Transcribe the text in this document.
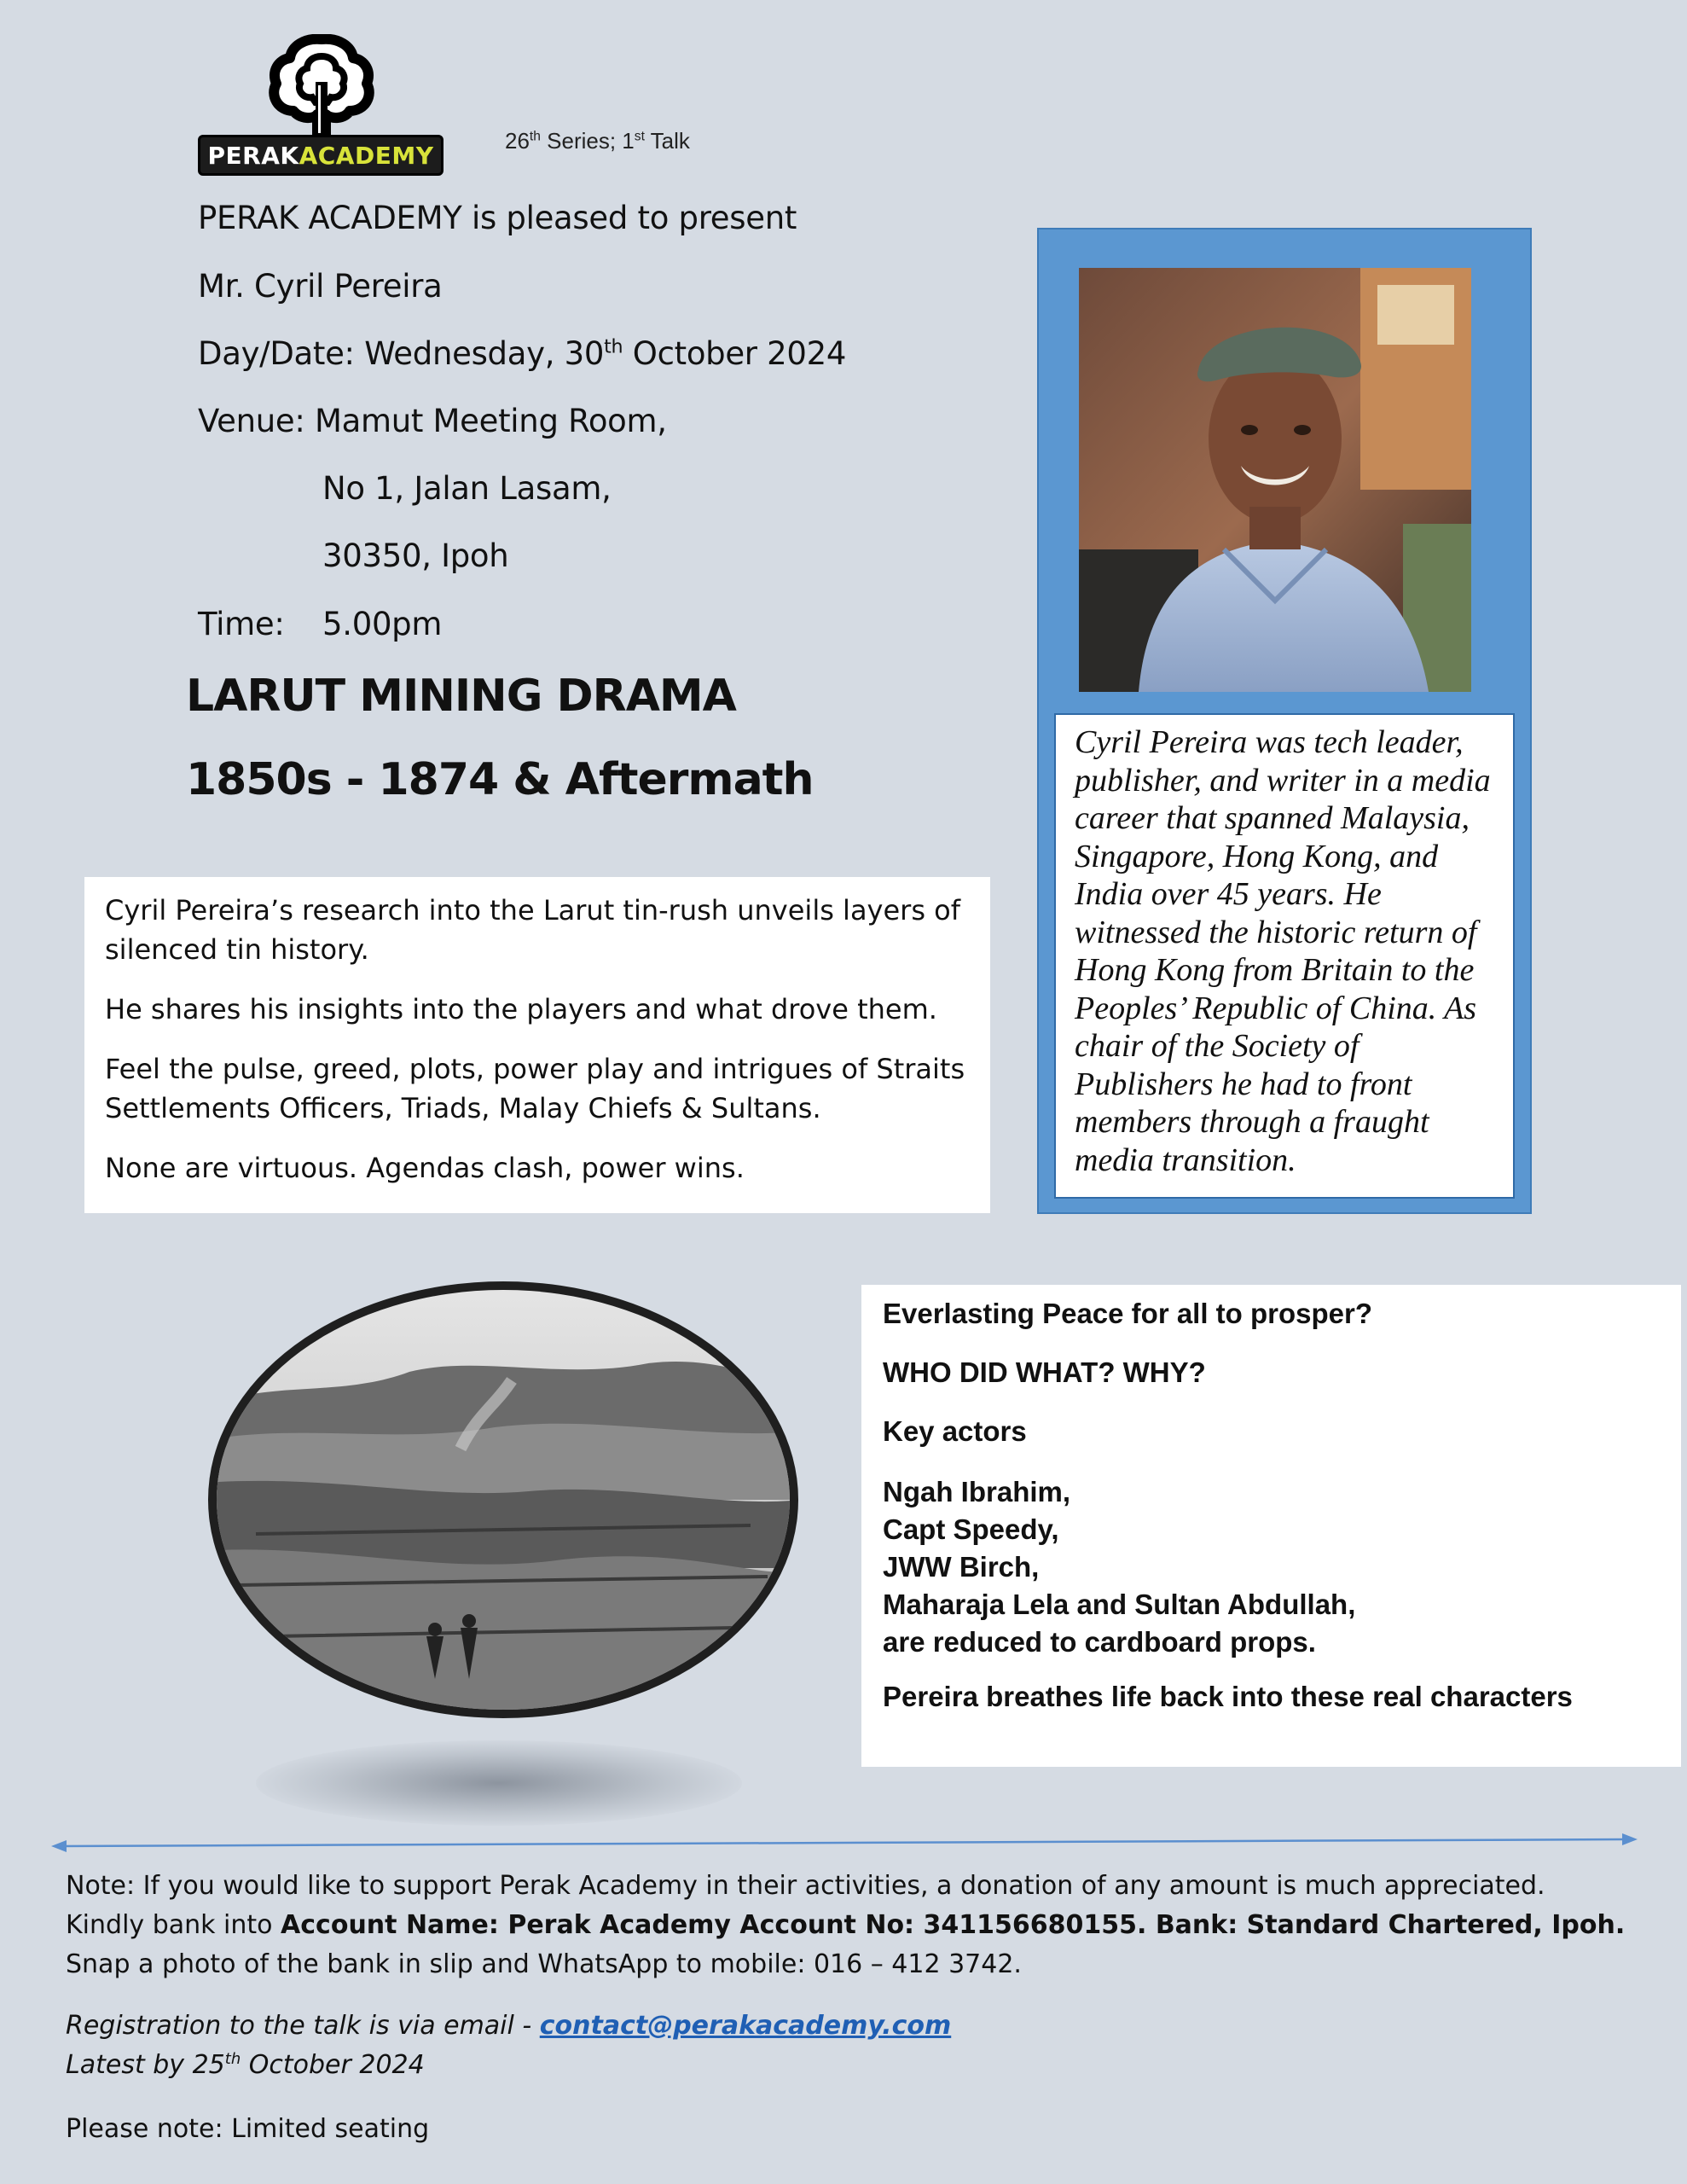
PERAKACADEMY
26th Series; 1st Talk
PERAK ACADEMY is pleased to present
Mr. Cyril Pereira
Day/Date: Wednesday, 30th October 2024
Venue: Mamut Meeting Room,
No 1, Jalan Lasam,
30350, Ipoh
Time: 5.00pm
LARUT MINING DRAMA
1850s - 1874 & Aftermath

Cyril Pereira’s research into the Larut tin-rush unveils layers of silenced tin history.

He shares his insights into the players and what drove them.

Feel the pulse, greed, plots, power play and intrigues of Straits Settlements Officers, Triads, Malay Chiefs & Sultans.

None are virtuous. Agendas clash, power wins.

Cyril Pereira was tech leader, publisher, and writer in a media career that spanned Malaysia, Singapore, Hong Kong, and India over 45 years. He witnessed the historic return of Hong Kong from Britain to the Peoples’ Republic of China. As chair of the Society of Publishers he had to front members through a fraught media transition.

Everlasting Peace for all to prosper?

WHO DID WHAT? WHY?

Key actors

Ngah Ibrahim,
Capt Speedy,
JWW Birch,
Maharaja Lela and Sultan Abdullah,
are reduced to cardboard props.

Pereira breathes life back into these real characters

Note: If you would like to support Perak Academy in their activities, a donation of any amount is much appreciated.
Kindly bank into Account Name: Perak Academy Account No: 341156680155. Bank: Standard Chartered, Ipoh.
Snap a photo of the bank in slip and WhatsApp to mobile: 016 – 412 3742.
Registration to the talk is via email - contact@perakacademy.com
Latest by 25th October 2024
Please note: Limited seating
